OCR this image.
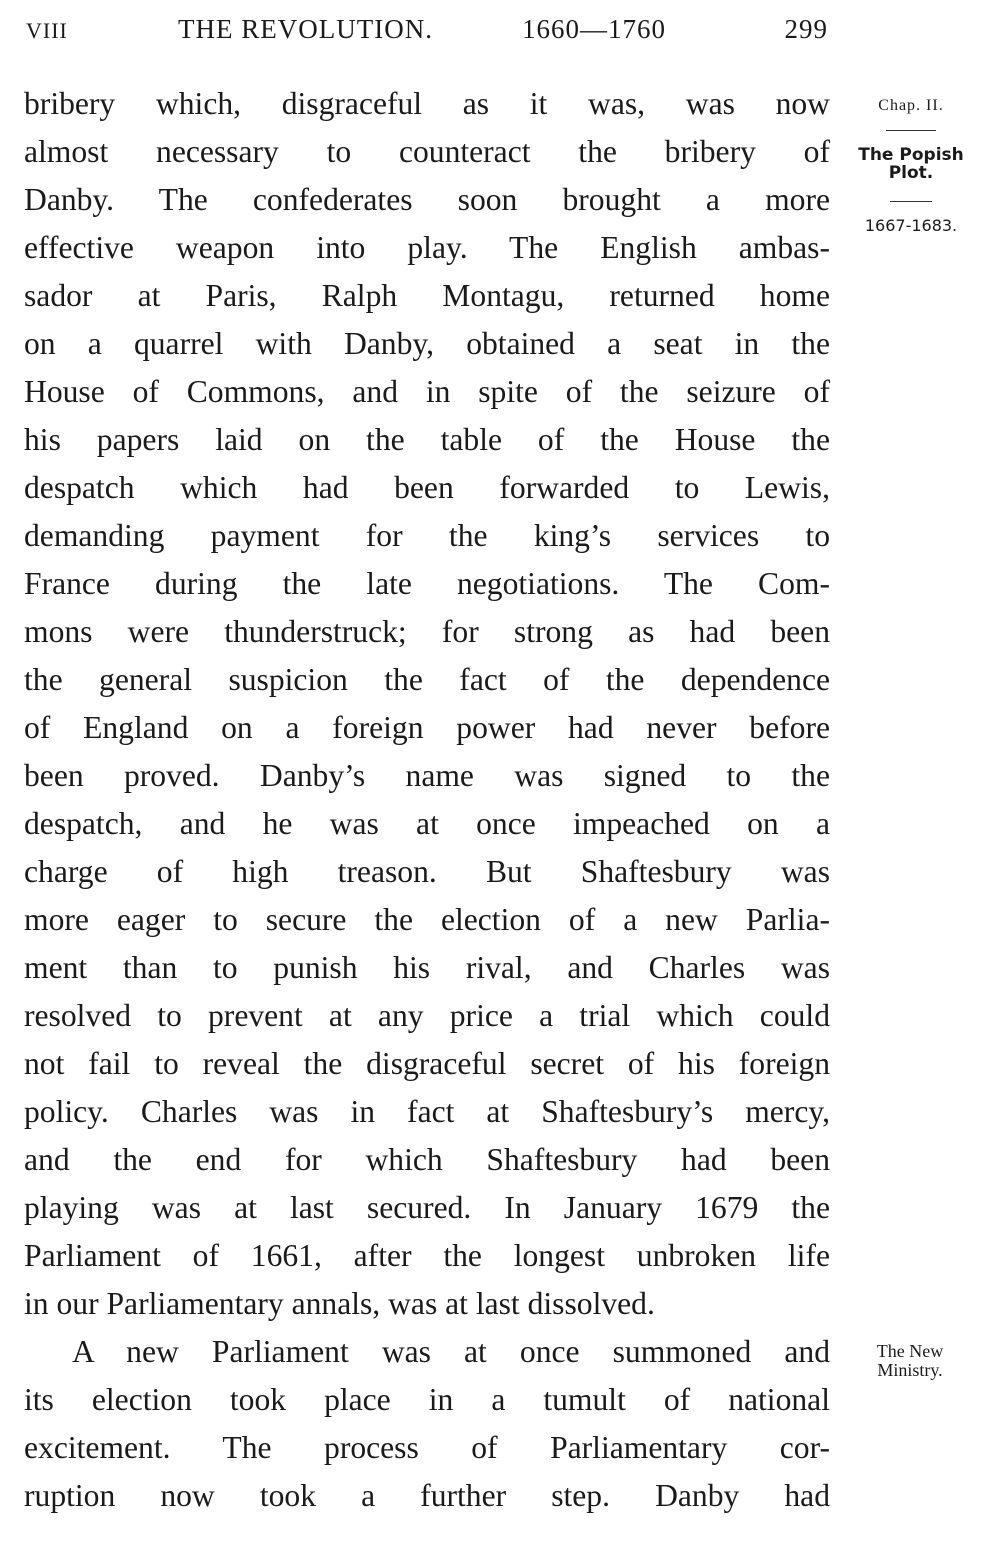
VIII	THE REVOLUTION.	1660—1760	299
bribery which, disgraceful as it was, was now
almost necessary to counteract the bribery of
Danby. The confederates soon brought a more
effective weapon into play. The English ambas-
sador at Paris, Ralph Montagu, returned home
on a quarrel with Danby, obtained a seat in the
House of Commons, and in spite of the seizure of
his papers laid on the table of the House the
despatch which had been forwarded to Lewis,
demanding payment for the king’s services to
France during the late negotiations. The Com-
mons were thunderstruck; for strong as had been
the general suspicion the fact of the dependence
of England on a foreign power had never before
been proved. Danby’s name was signed to the
despatch, and he was at once impeached on a
charge of high treason. But Shaftesbury was
more eager to secure the election of a new Parlia-
ment than to punish his rival, and Charles was
resolved to prevent at any price a trial which could
not fail to reveal the disgraceful secret of his foreign
policy. Charles was in fact at Shaftesbury’s mercy,
and the end for which Shaftesbury had been
playing was at last secured. In January 1679 the
Parliament of 1661, after the longest unbroken life
in our Parliamentary annals, was at last dissolved.
A new Parliament was at once summoned and
its election took place in a tumult of national
excitement. The process of Parliamentary cor-
ruption now took a further step. Danby had
Chap. II.
The Popish Plot.
1667-1683.
The New Ministry.
